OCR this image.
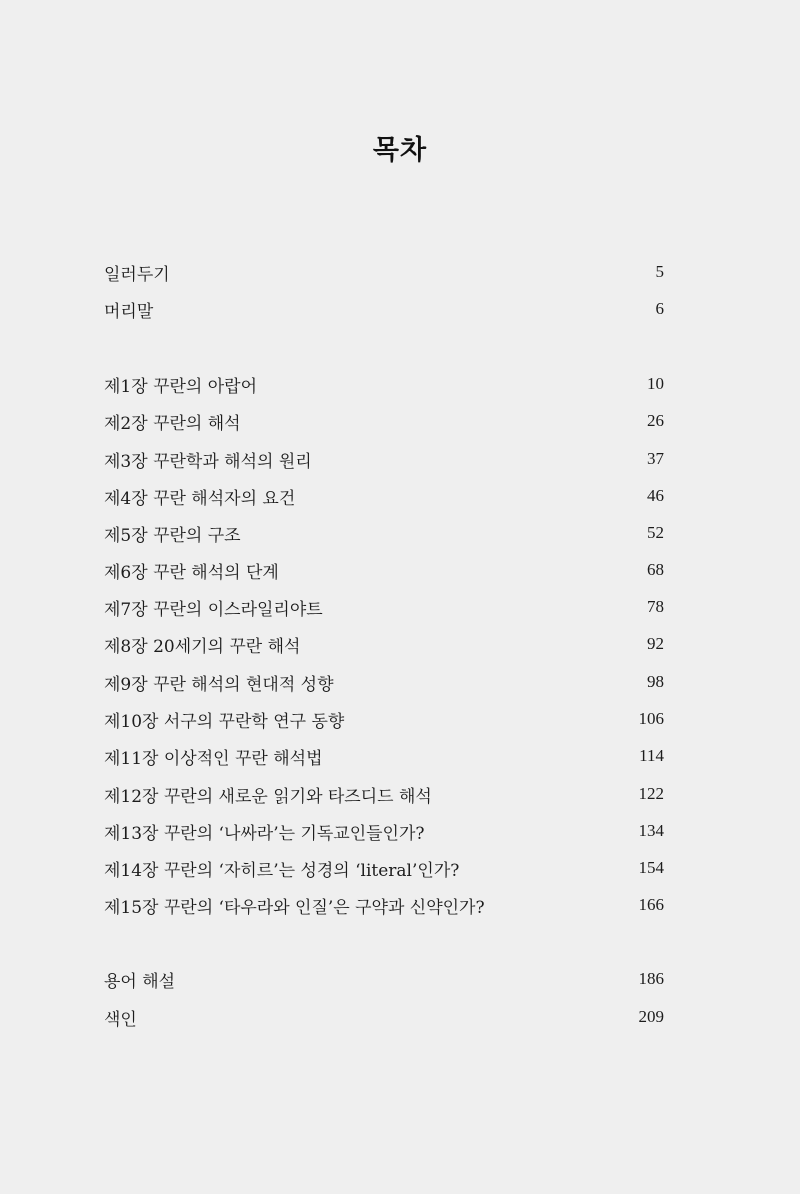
목차
일러두기	5
머리말	6
제1장 꾸란의 아랍어	10
제2장 꾸란의 해석	26
제3장 꾸란학과 해석의 원리	37
제4장 꾸란 해석자의 요건	46
제5장 꾸란의 구조	52
제6장 꾸란 해석의 단계	68
제7장 꾸란의 이스라일리야트	78
제8장 20세기의 꾸란 해석	92
제9장 꾸란 해석의 현대적 성향	98
제10장 서구의 꾸란학 연구 동향	106
제11장 이상적인 꾸란 해석법	114
제12장 꾸란의 새로운 읽기와 타즈디드 해석	122
제13장 꾸란의 ‘나싸라’는 기독교인들인가?	134
제14장 꾸란의 ‘자히르’는 성경의 ‘literal’인가?	154
제15장 꾸란의 ‘타우라와 인질’은 구약과 신약인가?	166
용어 해설	186
색인	209
